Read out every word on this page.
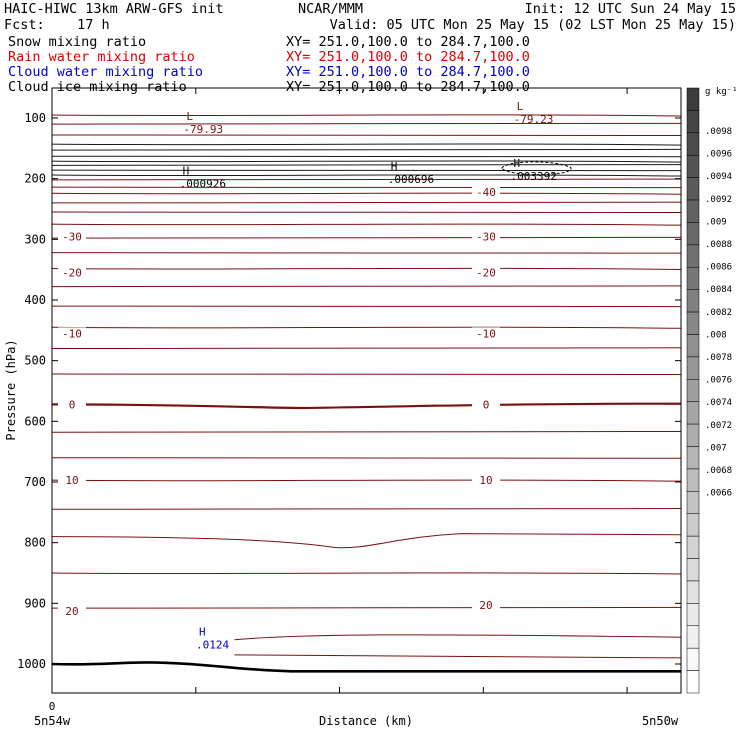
HAIC-HIWC 13km ARW-GFS init	NCAR/MMM	Init: 12 UTC Sun 24 May 15
Fcst:    17 h	Valid: 05 UTC Mon 25 May 15 (02 LST Mon 25 May 15)
Snow mixing ratio	XY= 251.0,100.0 to 284.7,100.0
Rain water mixing ratio	XY= 251.0,100.0 to 284.7,100.0
Cloud water mixing ratio	XY= 251.0,100.0 to 284.7,100.0
Cloud ice mixing ratio	XY= 251.0,100.0 to 284.7,100.0
100
200
300
400
500
600
700
800
900
1000
-40
-30	-30
-20	-20
-10	-10
0	0
10	10
20	20
L
-79.93
L
-79.23
H
.000926
H
.000696
H
.003392
H
.0124
.0098
.0096
.0094
.0092
.009
.0088
.0086
.0084
.0082
.008
.0078
.0076
.0074
.0072
.007
.0068
.0066
Pressure (hPa)
Distance (km)
5n54w	5n50w
0
g kg⁻¹
